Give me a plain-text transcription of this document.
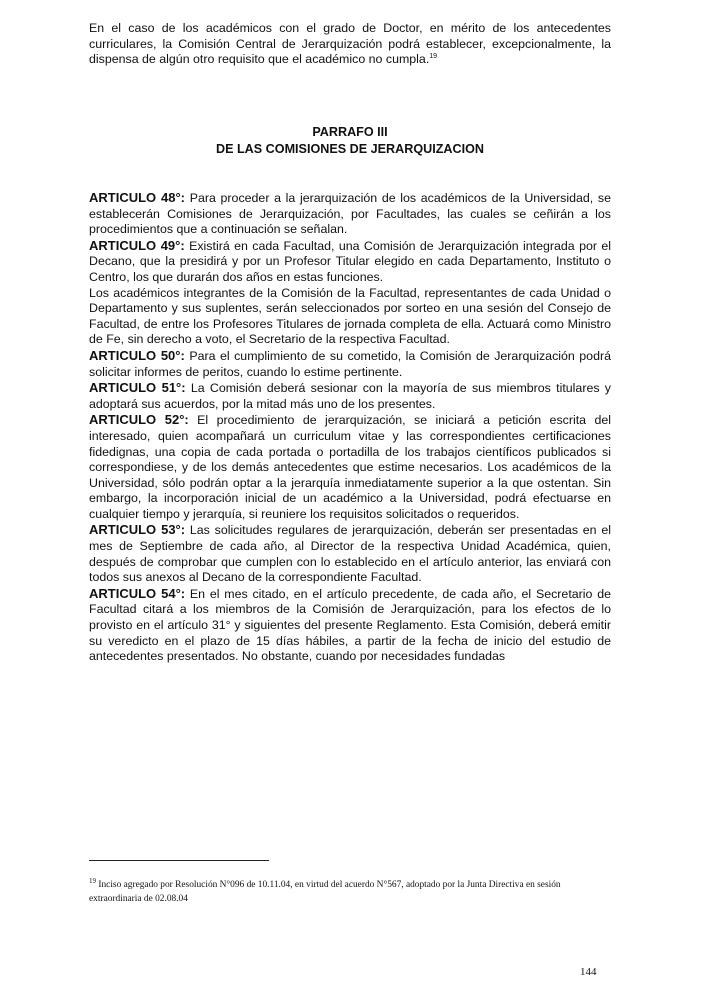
En el caso de los académicos con el grado de Doctor, en mérito de los antecedentes curriculares, la Comisión Central de Jerarquización podrá establecer, excepcionalmente, la dispensa de algún otro requisito que el académico no cumpla.$^{19}$

PARRAFO III
DE LAS COMISIONES DE JERARQUIZACION

ARTICULO 48°: Para proceder a la jerarquización de los académicos de la Universidad, se establecerán Comisiones de Jerarquización, por Facultades, las cuales se ceñirán a los procedimientos que a continuación se señalan.

ARTICULO 49°: Existirá en cada Facultad, una Comisión de Jerarquización integrada por el Decano, que la presidirá y por un Profesor Titular elegido en cada Departamento, Instituto o Centro, los que durarán dos años en estas funciones.

Los académicos integrantes de la Comisión de la Facultad, representantes de cada Unidad o Departamento y sus suplentes, serán seleccionados por sorteo en una sesión del Consejo de Facultad, de entre los Profesores Titulares de jornada completa de ella. Actuará como Ministro de Fe, sin derecho a voto, el Secretario de la respectiva Facultad.

ARTICULO 50°: Para el cumplimiento de su cometido, la Comisión de Jerarquización podrá solicitar informes de peritos, cuando lo estime pertinente.

ARTICULO 51°: La Comisión deberá sesionar con la mayoría de sus miembros titulares y adoptará sus acuerdos, por la mitad más uno de los presentes.

ARTICULO 52°: El procedimiento de jerarquización, se iniciará a petición escrita del interesado, quien acompañará un curriculum vitae y las correspondientes certificaciones fidedignas, una copia de cada portada o portadilla de los trabajos científicos publicados si correspondiese, y de los demás antecedentes que estime necesarios. Los académicos de la Universidad, sólo podrán optar a la jerarquía inmediatamente superior a la que ostentan. Sin embargo, la incorporación inicial de un académico a la Universidad, podrá efectuarse en cualquier tiempo y jerarquía, si reuniere los requisitos solicitados o requeridos.

ARTICULO 53°: Las solicitudes regulares de jerarquización, deberán ser presentadas en el mes de Septiembre de cada año, al Director de la respectiva Unidad Académica, quien, después de comprobar que cumplen con lo establecido en el artículo anterior, las enviará con todos sus anexos al Decano de la correspondiente Facultad.

ARTICULO 54°: En el mes citado, en el artículo precedente, de cada año, el Secretario de Facultad citará a los miembros de la Comisión de Jerarquización, para los efectos de lo provisto en el artículo 31° y siguientes del presente Reglamento. Esta Comisión, deberá emitir su veredicto en el plazo de 15 días hábiles, a partir de la fecha de inicio del estudio de antecedentes presentados. No obstante, cuando por necesidades fundadas

$^{19}$ Inciso agregado por Resolución N°096 de 10.11.04, en virtud del acuerdo N°567, adoptado por la Junta Directiva en sesión extraordinaria de 02.08.04
144
